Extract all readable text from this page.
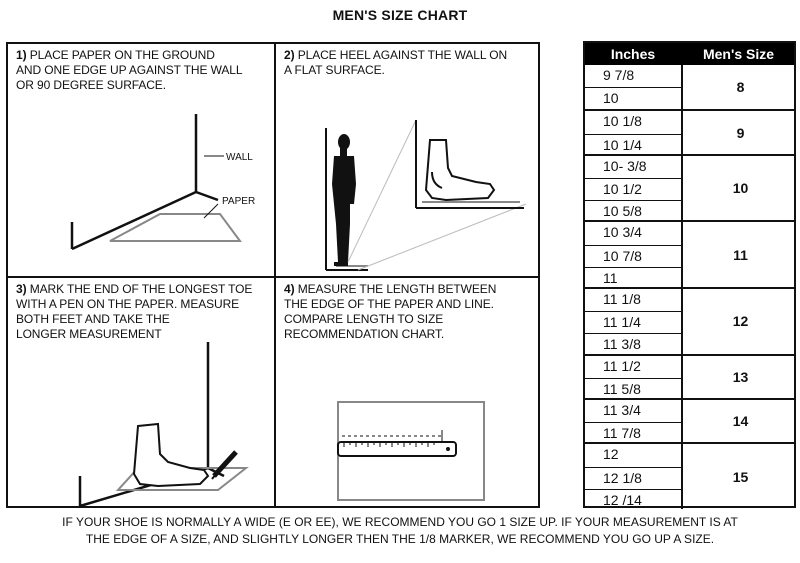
MEN'S SIZE CHART
1) PLACE PAPER ON THE GROUND
AND ONE EDGE UP AGAINST THE WALL
OR 90 DEGREE SURFACE.
WALL
PAPER
2) PLACE HEEL AGAINST THE WALL ON
A FLAT SURFACE.
3) MARK THE END OF THE LONGEST TOE
WITH A PEN ON THE PAPER. MEASURE
BOTH FEET AND TAKE THE
LONGER MEASUREMENT
4) MEASURE THE LENGTH BETWEEN
THE EDGE OF THE PAPER AND LINE.
COMPARE LENGTH TO SIZE
RECOMMENDATION CHART.
Inches	Men's Size
9 7/8
10
8
10 1/8
10 1/4
9
10- 3/8
10 1/2
10 5/8
10
10 3/4
10 7/8
11
11
11 1/8
11 1/4
11 3/8
12
11 1/2
11 5/8
13
11 3/4
11 7/8
14
12
12 1/8
12 /14
15
IF YOUR SHOE IS NORMALLY A WIDE (E OR EE), WE RECOMMEND YOU GO 1 SIZE UP. IF YOUR MEASUREMENT IS AT
THE EDGE OF A SIZE, AND SLIGHTLY LONGER THEN THE 1/8 MARKER, WE RECOMMEND YOU GO UP A SIZE.
